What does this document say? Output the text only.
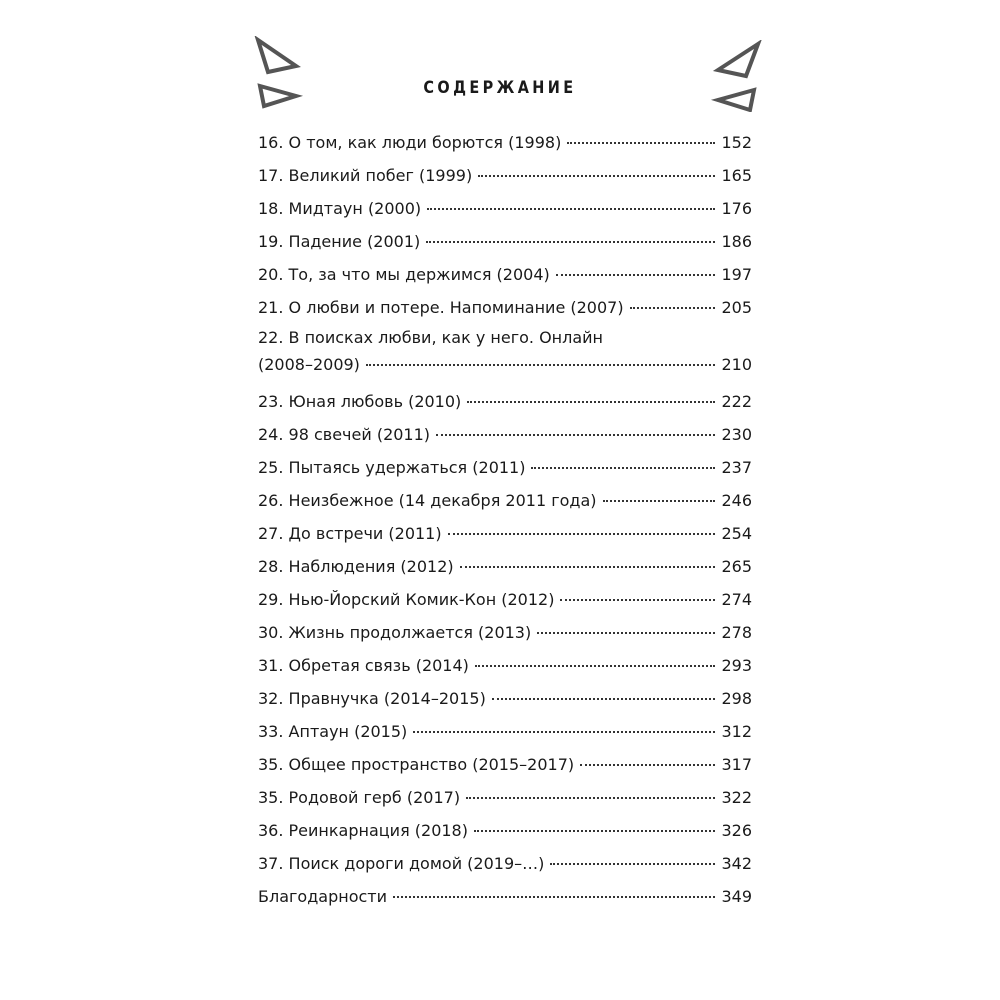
СОДЕРЖАНИЕ
16. О том, как люди борются (1998)	152
17. Великий побег (1999)	165
18. Мидтаун (2000)	176
19. Падение (2001)	186
20. То, за что мы держимся (2004)	197
21. О любви и потере. Напоминание (2007)	205
22. В поисках любви, как у него. Онлайн
(2008–2009)	210
23. Юная любовь (2010)	222
24. 98 свечей (2011)	230
25. Пытаясь удержаться (2011)	237
26. Неизбежное (14 декабря 2011 года)	246
27. До встречи (2011)	254
28. Наблюдения (2012)	265
29. Нью-Йорский Комик-Кон (2012)	274
30. Жизнь продолжается (2013)	278
31. Обретая связь (2014)	293
32. Правнучка (2014–2015)	298
33. Аптаун (2015)	312
35. Общее пространство (2015–2017)	317
35. Родовой герб (2017)	322
36. Реинкарнация (2018)	326
37. Поиск дороги домой (2019–…)	342
Благодарности	349
